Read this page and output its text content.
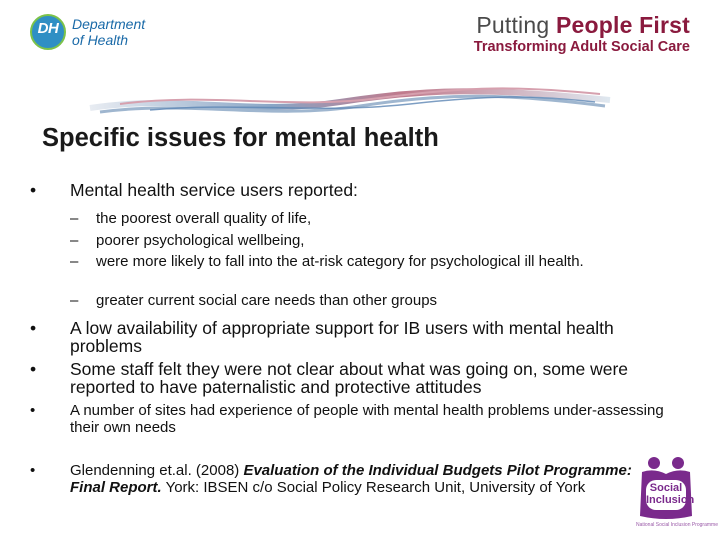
DH Department
of Health
Putting People First
Transforming Adult Social Care
Specific issues for mental health
•	Mental health service users reported:
– the poorest overall quality of life,
– poorer psychological wellbeing,
– were more likely to fall into the at-risk category for psychological ill health.
– greater current social care needs than other groups
•	A low availability of appropriate support for IB users with mental health problems
•	Some staff felt they were not clear about what was going on, some were reported to have paternalistic and protective attitudes
•	A number of sites had experience of people with mental health problems under-assessing their own needs
•	Glendenning et.al. (2008) Evaluation of the Individual Budgets Pilot Programme: Final Report. York: IBSEN c/o Social Policy Research Unit, University of York	Social
Inclusion
National Social Inclusion Programme
